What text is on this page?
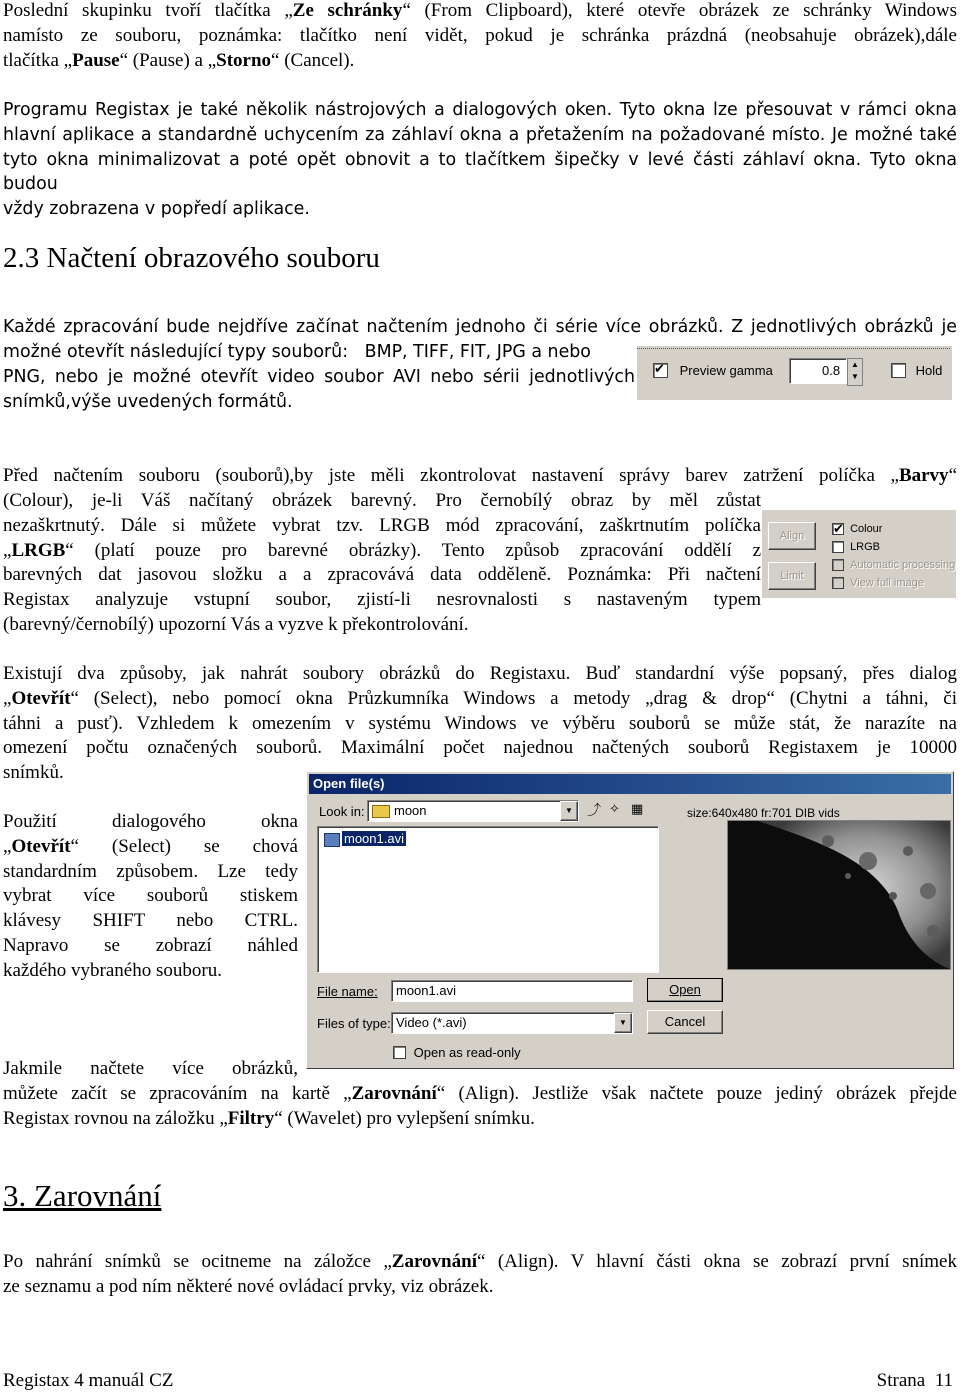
Poslední skupinku tvoří tlačítka „Ze schránky“ (From Clipboard), které otevře obrázek ze schránky Windows

namísto ze souboru, poznámka: tlačítko není vidět, pokud je schránka prázdná (neobsahuje obrázek),dále

tlačítka „Pause“ (Pause) a „Storno“ (Cancel).

Programu Registax je také několik nástrojových a dialogových oken. Tyto okna lze přesouvat v rámci okna

hlavní aplikace a standardně uchycením za záhlaví okna a přetažením na požadované místo. Je možné také

tyto okna minimalizovat a poté opět obnovit a to tlačítkem šipečky v levé části záhlaví okna. Tyto okna budou

vždy zobrazena v popředí aplikace.

2.3 Načtení obrazového souboru

Každé zpracování bude nejdříve začínat načtením jednoho či série více obrázků. Z jednotlivých obrázků je

možné otevřít následující typy souborů:   BMP, TIFF, FIT, JPG a nebo

PNG, nebo je možné otevřít video soubor AVI nebo sérii jednotlivých

snímků,výše uvedených formátů.

✔ Preview gamma	0.8	▲
▼	Hold

Před načtením souboru (souborů),by jste měli zkontrolovat nastavení správy barev zatržení políčka „Barvy“

(Colour), je-li Váš načítaný obrázek barevný. Pro černobílý obraz by měl zůstat

nezaškrtnutý. Dále si můžete vybrat tzv. LRGB mód zpracování, zaškrtnutím políčka

„LRGB“ (platí pouze pro barevné obrázky). Tento způsob zpracování oddělí z

barevných dat jasovou složku a a zpracovává data odděleně. Poznámka: Při načtení

Registax analyzuje vstupní soubor, zjistí-li nesrovnalosti s nastaveným typem

(barevný/černobílý) upozorní Vás a vyzve k překontrolování.

Align
Limit
✔ Colour
LRGB
Automatic processing
View full image

Existují dva způsoby, jak nahrát soubory obrázků do Registaxu. Buď standardní výše popsaný, přes dialog

„Otevřít“ (Select), nebo pomocí okna Průzkumníka Windows a metody „drag & drop“ (Chytni a táhni, či

táhni a pusť). Vzhledem k omezením v systému Windows ve výběru souborů se může stát, že narazíte na

omezení počtu označených souborů. Maximální počet najednou načtených souborů Registaxem je 10000

snímků.

Použití dialogového okna

„Otevřít“ (Select) se chová

standardním způsobem. Lze tedy

vybrat více souborů stiskem

klávesy SHIFT nebo CTRL.

Napravo se zobrazí náhled

každého vybraného souboru.

Open file(s)
Look in: moon	▼	⤴ ✧ ▦	size:640x480 fr:701 DIB vids
moon1.avi
File name: moon1.avi
Files of type: Video (*.avi)	▼
Open
Cancel
Open as read-only

Jakmile načtete více obrázků,

můžete začít se zpracováním na kartě „Zarovnání“ (Align). Jestliže však načtete pouze jediný obrázek přejde

Registax rovnou na záložku „Filtry“ (Wavelet) pro vylepšení snímku.

3. Zarovnání

Po nahrání snímků se ocitneme na záložce „Zarovnání“ (Align). V hlavní části okna se zobrazí první snímek

ze seznamu a pod ním některé nové ovládací prvky, viz obrázek.

Registax 4 manuál CZ	Strana  11
